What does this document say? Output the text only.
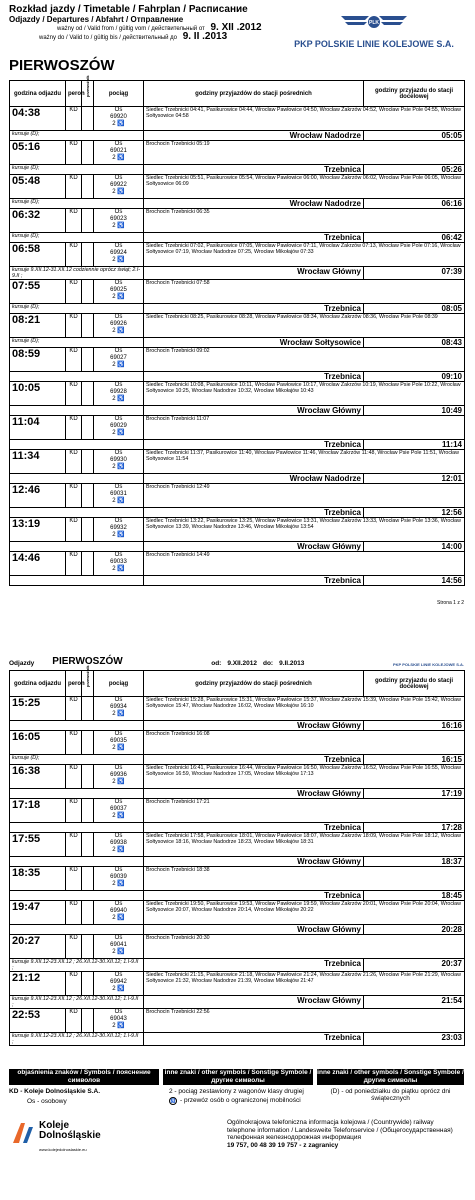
Rozkład jazdy / Timetable / Fahrplan / Расписание
Odjazdy / Departures / Abfahrt / Отправление
ważny od / Valid from / gültig vom / действительный от 9. XII .2012
ważny do / Valid to / gültig bis / действительный до 9. II .2013
PLK
PKP POLSKIE LINIE KOLEJOWE S.A.
PIERWOSZÓW
godzina odjazdu	peron	przewoźnik	pociąg	godziny przyjazdów do stacji pośrednich	godziny przyjazdu do stacji docelowej
04:38	KD		Os
69920
2 ♿	Siedlec Trzebnicki 04:41, Pasikurowice 04:44, Wrocław Pawłowice 04:50, Wrocław Zakrzów 04:52, Wrocław Psie Pole 04:55, Wrocław Sołtysowice 04:58	
kursuje (D);				Wrocław Nadodrze	05:05
05:16	KD		Os
69021
2 ♿	Brochocin Trzebnicki 05:19	
kursuje (D);				Trzebnica	05:26
05:48	KD		Os
69922
2 ♿	Siedlec Trzebnicki 05:51, Pasikurowice 05:54, Wrocław Pawłowice 06:00, Wrocław Zakrzów 06:02, Wrocław Psie Pole 06:05, Wrocław Sołtysowice 06:09	
kursuje (D);				Wrocław Nadodrze	06:16
06:32	KD		Os
69023
2 ♿	Brochocin Trzebnicki 06:35	
kursuje (D);				Trzebnica	06:42
06:58	KD		Os
69924
2 ♿	Siedlec Trzebnicki 07:02, Pasikurowice 07:05, Wrocław Pawłowice 07:11, Wrocław Zakrzów 07:13, Wrocław Psie Pole 07:16, Wrocław Sołtysowice 07:19, Wrocław Nadodrze 07:25, Wrocław Mikołajów 07:33	
kursuje 9.XII.12-31.XII.12 codziennie oprócz świąt; 2.I-9.II ;				Wrocław Główny	07:39
07:55	KD		Os
69025
2 ♿	Brochocin Trzebnicki 07:58	
kursuje (D);				Trzebnica	08:05
08:21	KD		Os
69926
2 ♿	Siedlec Trzebnicki 08:25, Pasikurowice 08:28, Wrocław Pawłowice 08:34, Wrocław Zakrzów 08:36, Wrocław Psie Pole 08:39	
kursuje (D);				Wrocław Sołtysowice	08:43
08:59	KD		Os
69027
2 ♿	Brochocin Trzebnicki 09:02	
				Trzebnica	09:10
10:05	KD		Os
69928
2 ♿	Siedlec Trzebnicki 10:08, Pasikurowice 10:11, Wrocław Pawłowice 10:17, Wrocław Zakrzów 10:19, Wrocław Psie Pole 10:22, Wrocław Sołtysowice 10:25, Wrocław Nadodrze 10:32, Wrocław Mikołajów 10:43	
				Wrocław Główny	10:49
11:04	KD		Os
69029
2 ♿	Brochocin Trzebnicki 11:07	
				Trzebnica	11:14
11:34	KD		Os
69930
2 ♿	Siedlec Trzebnicki 11:37, Pasikurowice 11:40, Wrocław Pawłowice 11:46, Wrocław Zakrzów 11:48, Wrocław Psie Pole 11:51, Wrocław Sołtysowice 11:54	
				Wrocław Nadodrze	12:01
12:46	KD		Os
69031
2 ♿	Brochocin Trzebnicki 12:49	
				Trzebnica	12:56
13:19	KD		Os
69932
2 ♿	Siedlec Trzebnicki 13:22, Pasikurowice 13:25, Wrocław Pawłowice 13:31, Wrocław Zakrzów 13:33, Wrocław Psie Pole 13:36, Wrocław Sołtysowice 13:39, Wrocław Nadodrze 13:46, Wrocław Mikołajów 13:54	
				Wrocław Główny	14:00
14:46	KD		Os
69033
2 ♿	Brochocin Trzebnicki 14:49	
				Trzebnica	14:56
Strona 1 z 2
Odjazdy PIERWOSZÓW	od: 9.XII.2012 do: 9.II.2013	PKP POLSKIE LINIE KOLEJOWE S.A.
godzina odjazdu	peron	przewoźnik	pociąg	godziny przyjazdów do stacji pośrednich	godziny przyjazdu do stacji docelowej
15:25	KD		Os
69934
2 ♿	Siedlec Trzebnicki 15:28, Pasikurowice 15:31, Wrocław Pawłowice 15:37, Wrocław Zakrzów 15:39, Wrocław Psie Pole 15:42, Wrocław Sołtysowice 15:47, Wrocław Nadodrze 16:02, Wrocław Mikołajów 16:10	
				Wrocław Główny	16:16
16:05	KD		Os
69035
2 ♿	Brochocin Trzebnicki 16:08	
kursuje (D);				Trzebnica	16:15
16:38	KD		Os
69936
2 ♿	Siedlec Trzebnicki 16:41, Pasikurowice 16:44, Wrocław Pawłowice 16:50, Wrocław Zakrzów 16:52, Wrocław Psie Pole 16:55, Wrocław Sołtysowice 16:59, Wrocław Nadodrze 17:05, Wrocław Mikołajów 17:13	
				Wrocław Główny	17:19
17:18	KD		Os
69037
2 ♿	Brochocin Trzebnicki 17:21	
				Trzebnica	17:28
17:55	KD		Os
69938
2 ♿	Siedlec Trzebnicki 17:58, Pasikurowice 18:01, Wrocław Pawłowice 18:07, Wrocław Zakrzów 18:09, Wrocław Psie Pole 18:12, Wrocław Sołtysowice 18:16, Wrocław Nadodrze 18:23, Wrocław Mikołajów 18:31	
				Wrocław Główny	18:37
18:35	KD		Os
69039
2 ♿	Brochocin Trzebnicki 18:38	
				Trzebnica	18:45
19:47	KD		Os
69940
2 ♿	Siedlec Trzebnicki 19:50, Pasikurowice 19:53, Wrocław Pawłowice 19:59, Wrocław Zakrzów 20:01, Wrocław Psie Pole 20:04, Wrocław Sołtysowice 20:07, Wrocław Nadodrze 20:14, Wrocław Mikołajów 20:22	
				Wrocław Główny	20:28
20:27	KD		Os
69041
2 ♿	Brochocin Trzebnicki 20:30	
kursuje 9.XII.12-23.XII.12 ; 26.XII.12-30.XII.12; 1.I-9.II ;				Trzebnica	20:37
21:12	KD		Os
69942
2 ♿	Siedlec Trzebnicki 21:15, Pasikurowice 21:18, Wrocław Pawłowice 21:24, Wrocław Zakrzów 21:26, Wrocław Psie Pole 21:29, Wrocław Sołtysowice 21:32, Wrocław Nadodrze 21:39, Wrocław Mikołajów 21:47	
kursuje 9.XII.12-23.XII.12 ; 26.XII.12-30.XII.12; 1.I-9.II ;				Wrocław Główny	21:54
22:53	KD		Os
69043
2 ♿	Brochocin Trzebnicki 22:56	
kursuje 9.XII.12-23.XII.12 ; 26.XII.12-30.XII.12; 1.I-9.II ;				Trzebnica	23:03
objaśnienia znaków / Symbols / пояснение символов
inne znaki / other symbols / Sonstige Symbole / другие символы
inne znaki / other symbols / Sonstige Symbole / другие символы
KD - Koleje Dolnośląskie S.A.
Os - osobowy
2 - pociąg zestawiony z wagonów klasy drugiej
♿ - przewóz osób o ograniczonej mobilności
(D) - od poniedziałku do piątku oprócz dni świątecznych
Koleje
Dolnośląskie
www.kolejedolnoslaskie.eu
Ogólnokrajowa telefoniczna informacja kolejowa / (Countrywide) railway telephone information / Landesweite Telefonservice / (Общегосударственная) телефонная железнодорожная информация
19 757, 00 48 39 19 757 - z zagranicy
